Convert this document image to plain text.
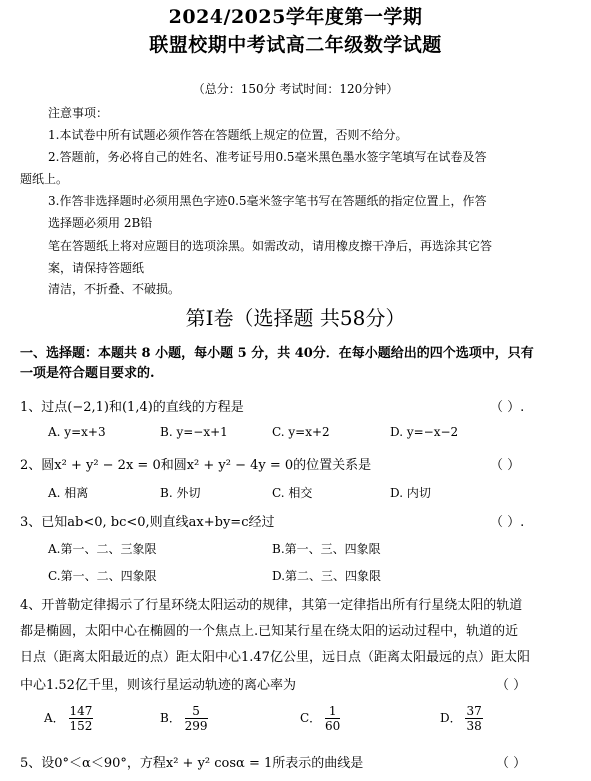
2024/2025学年度第一学期
联盟校期中考试高二年级数学试题
（总分：150分 考试时间：120分钟）
注意事项：
1.本试卷中所有试题必须作答在答题纸上规定的位置，否则不给分。
2.答题前，务必将自己的姓名、准考证号用0.5毫米黑色墨水签字笔填写在试卷及答
题纸上。
3.作答非选择题时必须用黑色字迹0.5毫米签字笔书写在答题纸的指定位置上，作答
选择题必须用 2B铅
笔在答题纸上将对应题目的选项涂黑。如需改动，请用橡皮擦干净后，再选涂其它答
案，请保持答题纸
清洁，不折叠、不破损。
第Ⅰ卷（选择题 共58分）
一、选择题：本题共 8 小题，每小题 5 分，共 40分．在每小题给出的四个选项中，只有
一项是符合题目要求的.
1、过点(−2,1)和(1,4)的直线的方程是	（ ）.
A. y=x+3	B. y=−x+1	C. y=x+2	D. y=−x−2
2、圆x² + y² − 2x = 0和圆x² + y² − 4y = 0的位置关系是	（ ）
A. 相离	B. 外切	C. 相交	D. 内切
3、已知ab<0, bc<0,则直线ax+by=c经过	（ ）.
A.第一、二、三象限	B.第一、三、四象限
C.第一、二、四象限	D.第二、三、四象限
4、开普勒定律揭示了行星环绕太阳运动的规律，其第一定律指出所有行星绕太阳的轨道
都是椭圆，太阳中心在椭圆的一个焦点上.已知某行星在绕太阳的运动过程中，轨道的近
日点（距离太阳最近的点）距太阳中心1.47亿公里，远日点（距离太阳最远的点）距太阳
中心1.52亿千里，则该行星运动轨迹的离心率为	（ ）
A． $\frac{147}{152}$	B． $\frac{5}{299}$	C． $\frac{1}{60}$	D． $\frac{37}{38}$
5、设0°＜α＜90°，方程x² + y² cosα = 1所表示的曲线是	（ ）
